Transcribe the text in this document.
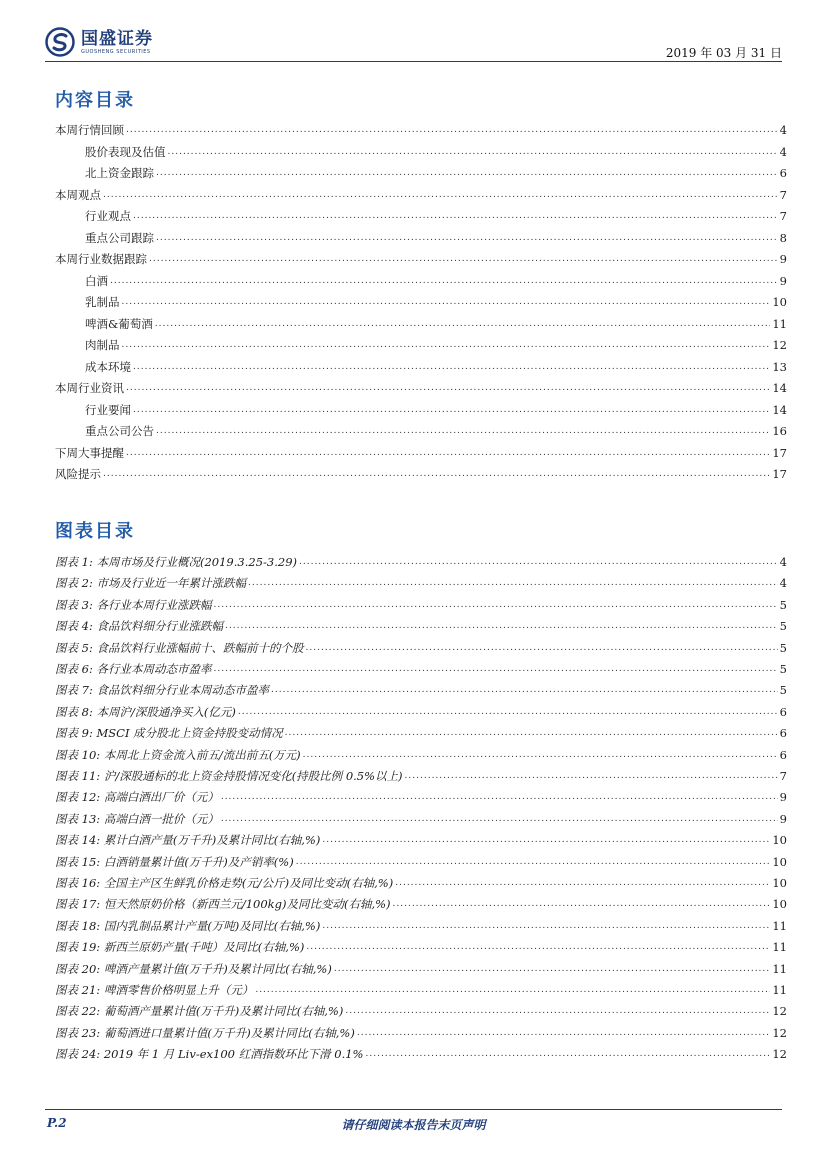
国盛证券
GUOSHENG SECURITIES	2019 年 03 月 31 日
内容目录
本周行情回顾 .....	4
股价表现及估值 .....	4
北上资金跟踪 .....	6
本周观点 .....	7
行业观点 .....	7
重点公司跟踪 .....	8
本周行业数据跟踪 .....	9
白酒 .....	9
乳制品 .....	10
啤酒&葡萄酒 .....	11
肉制品 .....	12
成本环境 .....	13
本周行业资讯 .....	14
行业要闻 .....	14
重点公司公告 .....	16
下周大事提醒 .....	17
风险提示 .....	17
图表目录
图表 1: 本周市场及行业概况(2019.3.25-3.29) .....	4
图表 2: 市场及行业近一年累计涨跌幅 .....	4
图表 3: 各行业本周行业涨跌幅 .....	5
图表 4: 食品饮料细分行业涨跌幅 .....	5
图表 5: 食品饮料行业涨幅前十、跌幅前十的个股 .....	5
图表 6: 各行业本周动态市盈率 .....	5
图表 7: 食品饮料细分行业本周动态市盈率 .....	5
图表 8: 本周沪/深股通净买入(亿元) .....	6
图表 9: MSCI 成分股北上资金持股变动情况 .....	6
图表 10: 本周北上资金流入前五/流出前五(万元) .....	6
图表 11: 沪/深股通标的北上资金持股情况变化(持股比例 0.5%以上) .....	7
图表 12: 高端白酒出厂价（元） .....	9
图表 13: 高端白酒一批价（元） .....	9
图表 14: 累计白酒产量(万千升)及累计同比(右轴,%) .....	10
图表 15: 白酒销量累计值(万千升)及产销率(%) .....	10
图表 16: 全国主产区生鲜乳价格走势(元/公斤)及同比变动(右轴,%) .....	10
图表 17: 恒天然原奶价格（新西兰元/100kg)及同比变动(右轴,%) .....	10
图表 18: 国内乳制品累计产量(万吨)及同比(右轴,%) .....	11
图表 19: 新西兰原奶产量(千吨）及同比(右轴,%) .....	11
图表 20: 啤酒产量累计值(万千升)及累计同比(右轴,%) .....	11
图表 21: 啤酒零售价格明显上升（元） .....	11
图表 22: 葡萄酒产量累计值(万千升)及累计同比(右轴,%) .....	12
图表 23: 葡萄酒进口量累计值(万千升)及累计同比(右轴,%) .....	12
图表 24: 2019 年 1 月 Liv-ex100 红酒指数环比下滑 0.1% .....	12
P.2	请仔细阅读本报告末页声明
